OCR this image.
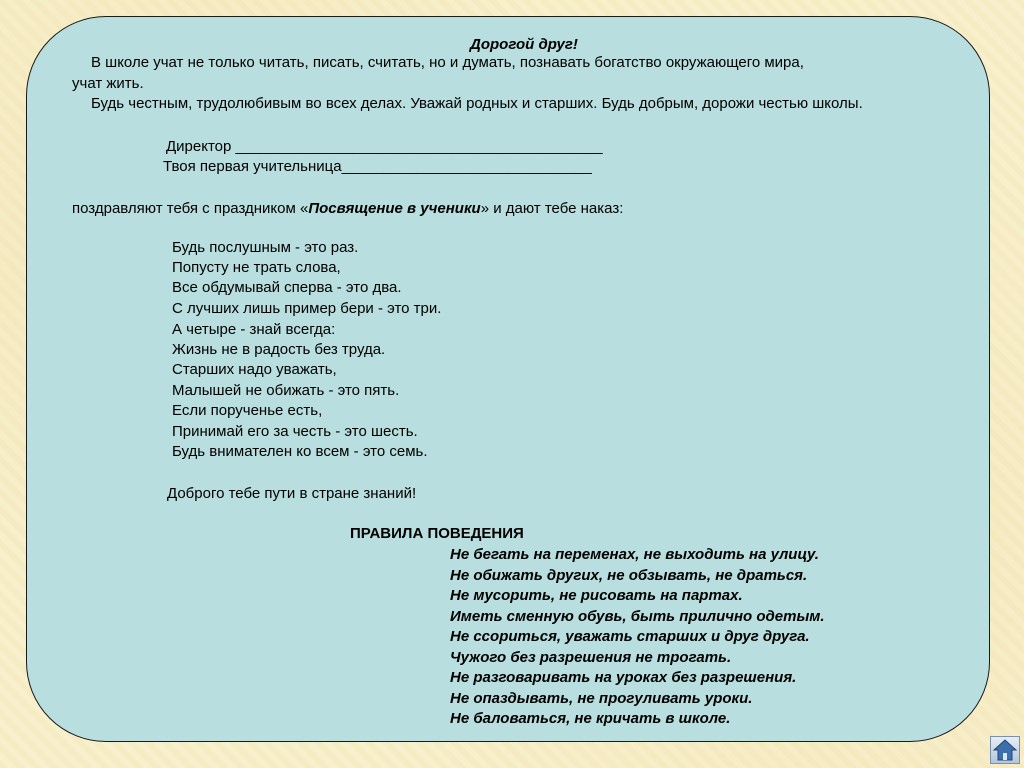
Дорогой друг!
В школе учат не только читать, писать, считать, но и думать, познавать богатство окружающего мира,
учат жить.
Будь честным, трудолюбивым во всех делах. Уважай родных и старших. Будь добрым, дорожи честью школы.
Директор ____________________________________________
Твоя первая учительница______________________________
поздравляют тебя с праздником «Посвящение в ученики» и дают тебе наказ:
Будь послушным - это раз.
Попусту не трать слова,
Все обдумывай сперва - это два.
С лучших лишь пример бери - это три.
А четыре - знай всегда:
Жизнь не в радость без труда.
Старших надо уважать,
Малышей не обижать - это пять.
Если порученье есть,
Принимай его за честь - это шесть.
Будь внимателен ко всем - это семь.
Доброго тебе пути в стране знаний!
ПРАВИЛА ПОВЕДЕНИЯ
Не бегать на переменах, не выходить на улицу.
Не обижать других, не обзывать, не драться.
Не мусорить, не рисовать на партах.
Иметь сменную обувь, быть прилично одетым.
Не ссориться, уважать старших и друг друга.
Чужого без разрешения не трогать.
Не разговаривать на уроках без разрешения.
Не опаздывать, не прогуливать уроки.
Не баловаться, не кричать в школе.
